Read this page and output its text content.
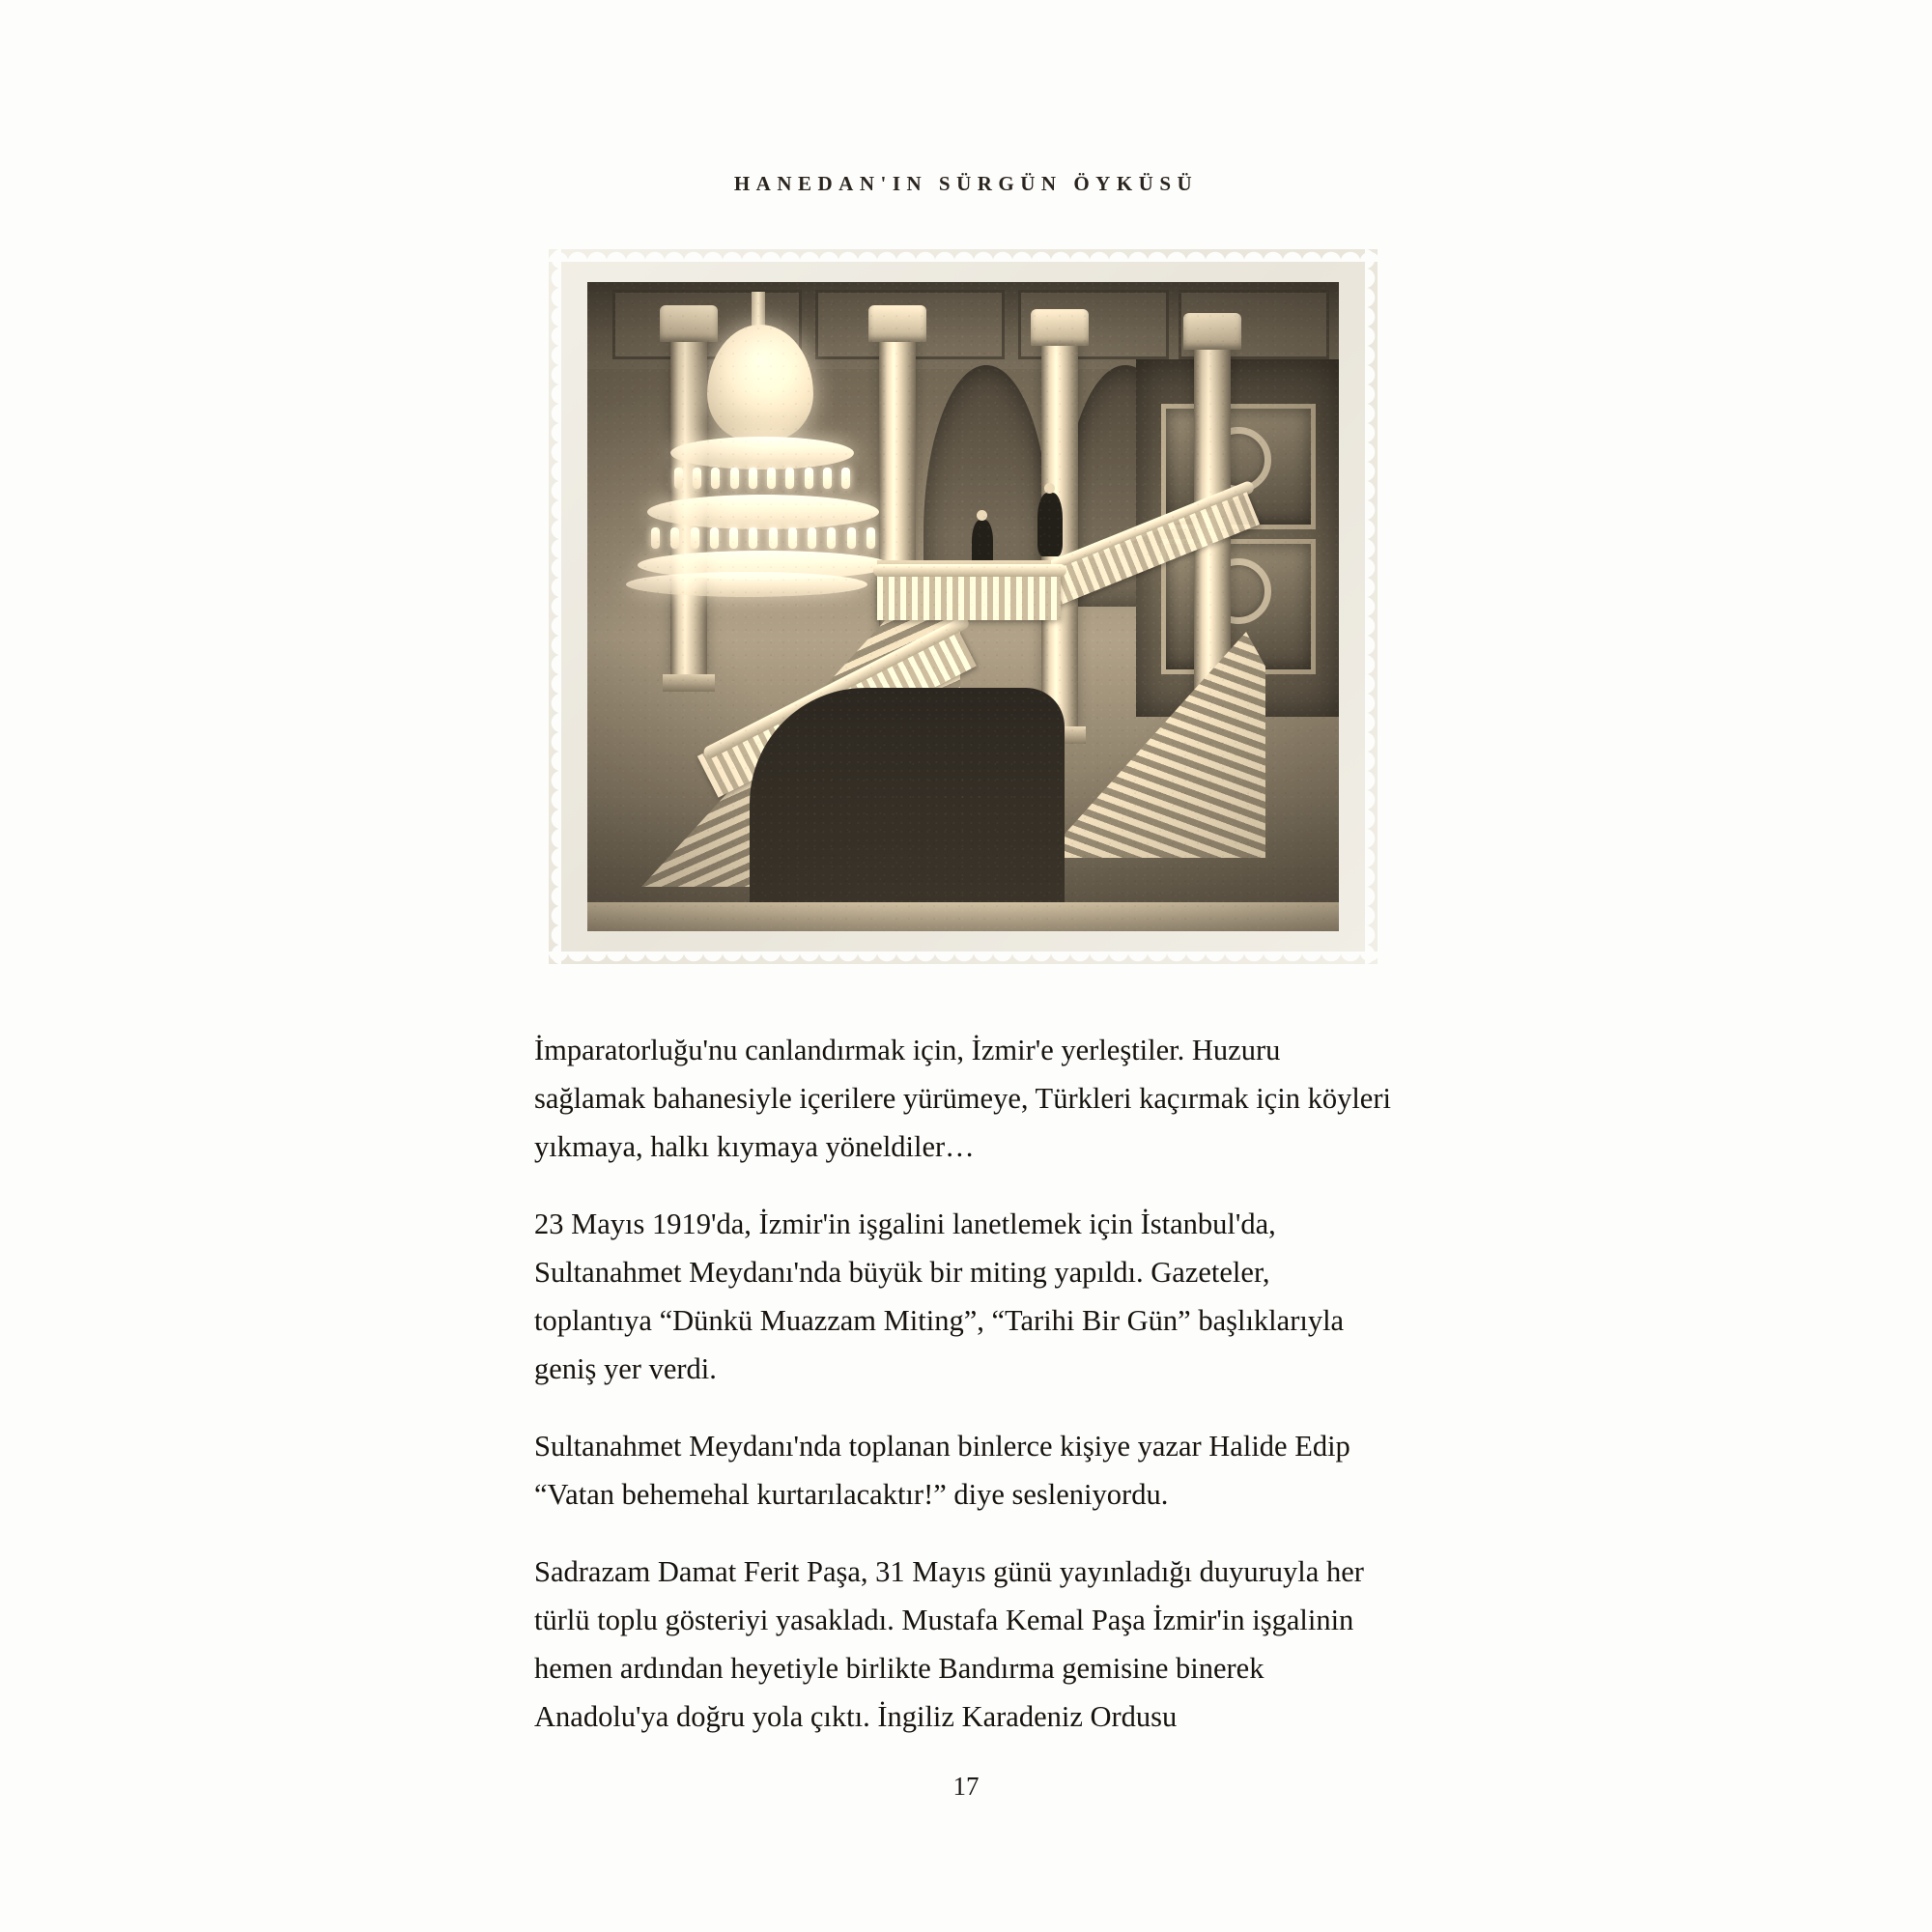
HANEDAN'IN SÜRGÜN ÖYKÜSÜ

İmparatorluğu'nu canlandırmak için, İzmir'e yerleştiler. Huzuru sağlamak bahanesiyle içerilere yürümeye, Türkleri kaçırmak için köyleri yıkmaya, halkı kıymaya yöneldiler…

23 Mayıs 1919'da, İzmir'in işgalini lanetlemek için İstanbul'da, Sultanahmet Meydanı'nda büyük bir miting yapıldı. Gazeteler, toplantıya “Dünkü Muazzam Miting”, “Tarihi Bir Gün” başlıklarıyla geniş yer verdi.

Sultanahmet Meydanı'nda toplanan binlerce kişiye yazar Halide Edip “Vatan behemehal kurtarılacaktır!” diye sesleniyordu.

Sadrazam Damat Ferit Paşa, 31 Mayıs günü yayınladığı duyuruyla her türlü toplu gösteriyi yasakladı. Mustafa Kemal Paşa İzmir'in işgalinin hemen ardından heyetiyle birlikte Bandırma gemisine binerek Anadolu'ya doğru yola çıktı. İngiliz Karadeniz Ordusu

17
